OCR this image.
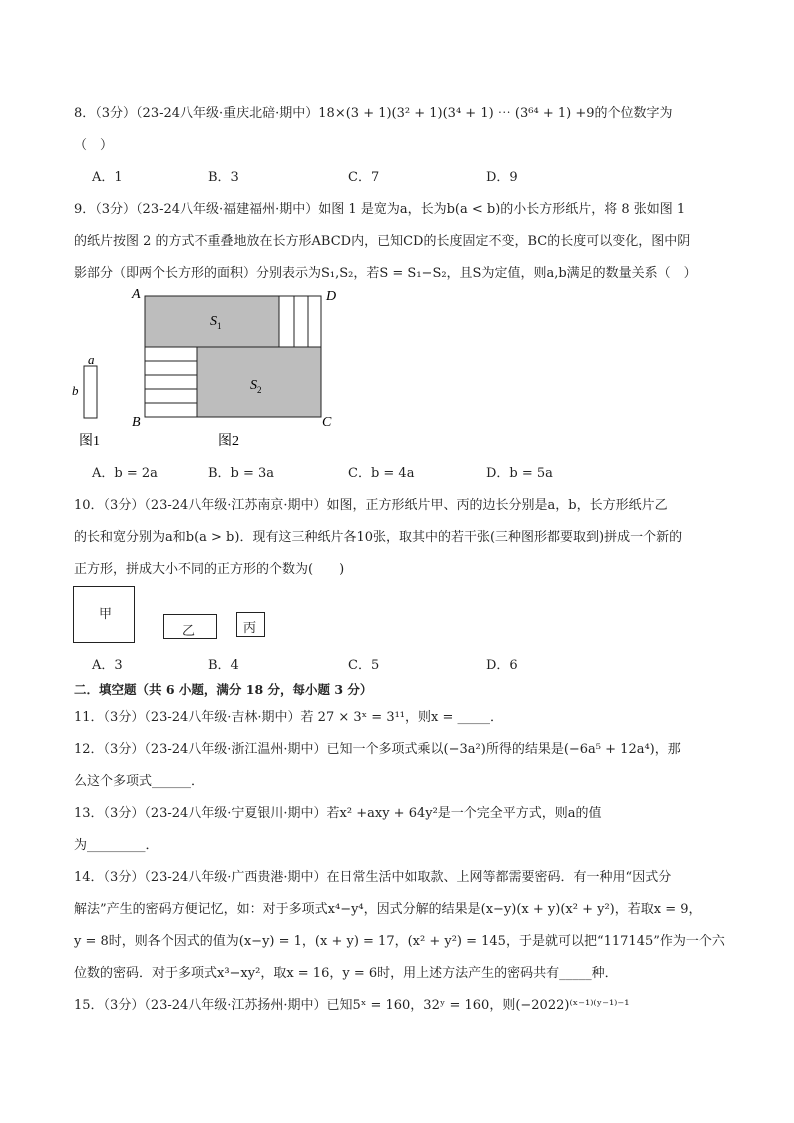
8．（3分）（23-24八年级·重庆北碚·期中）18×(3 + 1)(3² + 1)(3⁴ + 1) ⋯ (3⁶⁴ + 1) +9的个位数字为
（　）
A．1	B．3	C．7	D．9
9．（3分）（23-24八年级·福建福州·期中）如图 1 是宽为a，长为b(a < b)的小长方形纸片，将 8 张如图 1
的纸片按图 2 的方式不重叠地放在长方形ABCD内，已知CD的长度固定不变，BC的长度可以变化，图中阴
影部分（即两个长方形的面积）分别表示为S₁,S₂，若S = S₁−S₂，且S为定值，则a,b满足的数量关系（　）
a
b
图1
A	D
B	C
$S_1$
$S_2$
图2
A．b = 2a	B．b = 3a	C．b = 4a	D．b = 5a
10．（3分）（23-24八年级·江苏南京·期中）如图，正方形纸片甲、丙的边长分别是a，b，长方形纸片乙
的长和宽分别为a和b(a > b)．现有这三种纸片各10张，取其中的若干张(三种图形都要取到)拼成一个新的
正方形，拼成大小不同的正方形的个数为(　　)
甲
乙	丙
A．3	B．4	C．5	D．6
二．填空题（共 6 小题，满分 18 分，每小题 3 分）
11．（3分）（23-24八年级·吉林·期中）若 27 × 3ˣ = 3¹¹，则x = _____．
12．（3分）（23-24八年级·浙江温州·期中）已知一个多项式乘以(−3a²)所得的结果是(−6a⁵ + 12a⁴)，那
么这个多项式______．
13．（3分）（23-24八年级·宁夏银川·期中）若x² +axy + 64y²是一个完全平方式，则a的值
为_________．
14．（3分）（23-24八年级·广西贵港·期中）在日常生活中如取款、上网等都需要密码．有一种用“因式分
解法”产生的密码方便记忆，如：对于多项式x⁴−y⁴，因式分解的结果是(x−y)(x + y)(x² + y²)，若取x = 9，
y = 8时，则各个因式的值为(x−y) = 1，(x + y) = 17，(x² + y²) = 145，于是就可以把“117145”作为一个六
位数的密码．对于多项式x³−xy²，取x = 16，y = 6时，用上述方法产生的密码共有_____种．
15．（3分）（23-24八年级·江苏扬州·期中）已知5ˣ = 160，32ʸ = 160，则(−2022)⁽ˣ⁻¹⁾⁽ʸ⁻¹⁾⁻¹
